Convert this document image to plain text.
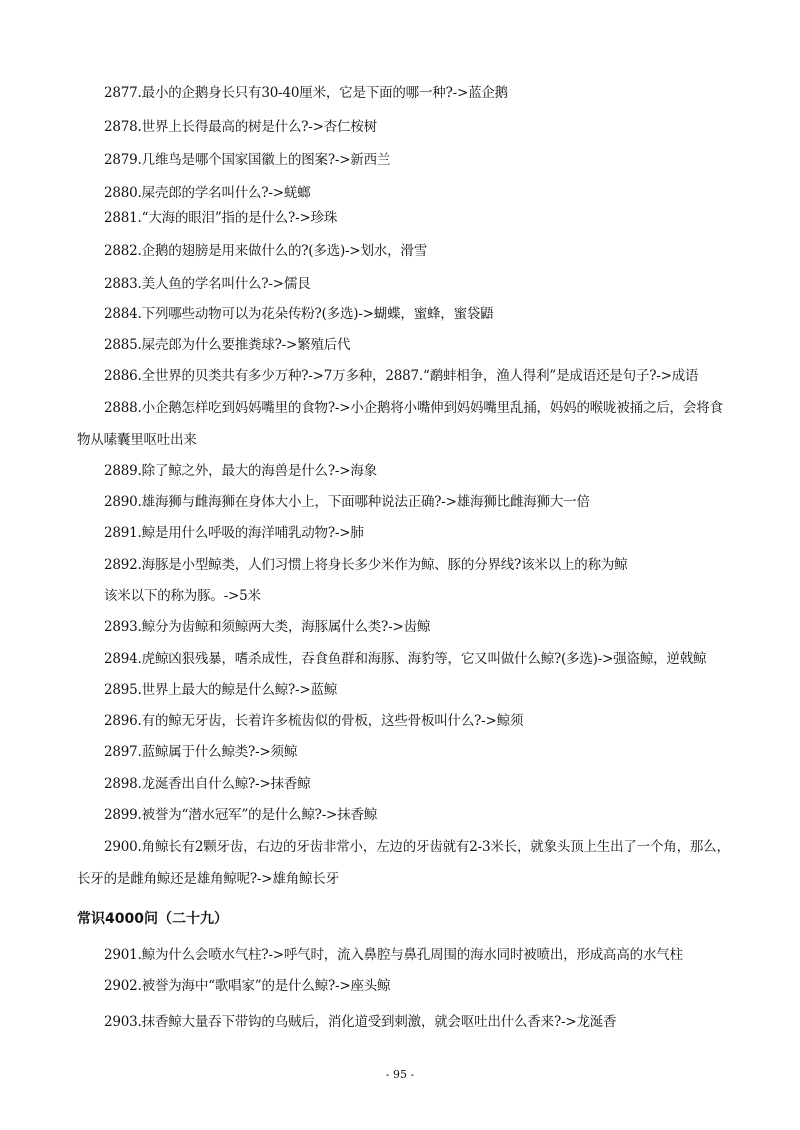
2877.最小的企鹅身长只有30-40厘米，它是下面的哪一种?->蓝企鹅
2878.世界上长得最高的树是什么?->杏仁桉树
2879.几维鸟是哪个国家国徽上的图案?->新西兰
2880.屎壳郎的学名叫什么?->蜣螂
2881.“大海的眼泪”指的是什么?->珍珠
2882.企鹅的翅膀是用来做什么的?(多选)->划水，滑雪
2883.美人鱼的学名叫什么?->儒艮
2884.下列哪些动物可以为花朵传粉?(多选)->蝴蝶，蜜蜂，蜜袋鼯
2885.屎壳郎为什么要推粪球?->繁殖后代
2886.全世界的贝类共有多少万种?->7万多种，2887.“鹬蚌相争，渔人得利”是成语还是句子?->成语
2888.小企鹅怎样吃到妈妈嘴里的食物?->小企鹅将小嘴伸到妈妈嘴里乱捅，妈妈的喉咙被捅之后，会将食
物从嗉囊里呕吐出来
2889.除了鲸之外，最大的海兽是什么?->海象
2890.雄海狮与雌海狮在身体大小上，下面哪种说法正确?->雄海狮比雌海狮大一倍
2891.鲸是用什么呼吸的海洋哺乳动物?->肺
2892.海豚是小型鲸类，人们习惯上将身长多少米作为鲸、豚的分界线?该米以上的称为鲸
该米以下的称为豚。->5米
2893.鲸分为齿鲸和须鲸两大类，海豚属什么类?->齿鲸
2894.虎鲸凶狠残暴，嗜杀成性，吞食鱼群和海豚、海豹等，它又叫做什么鲸?(多选)->强盗鲸，逆戟鲸
2895.世界上最大的鲸是什么鲸?->蓝鲸
2896.有的鲸无牙齿，长着许多梳齿似的骨板，这些骨板叫什么?->鲸须
2897.蓝鲸属于什么鲸类?->须鲸
2898.龙涎香出自什么鲸?->抹香鲸
2899.被誉为“潜水冠军”的是什么鲸?->抹香鲸
2900.角鲸长有2颗牙齿，右边的牙齿非常小，左边的牙齿就有2-3米长，就象头顶上生出了一个角，那么，
长牙的是雌角鲸还是雄角鲸呢?->雄角鲸长牙
常识4000问（二十九）
2901.鲸为什么会喷水气柱?->呼气时，流入鼻腔与鼻孔周围的海水同时被喷出，形成高高的水气柱
2902.被誉为海中“歌唱家”的是什么鲸?->座头鲸
2903.抹香鲸大量吞下带钩的乌贼后，消化道受到刺激，就会呕吐出什么香来?->龙涎香
- 95 -
